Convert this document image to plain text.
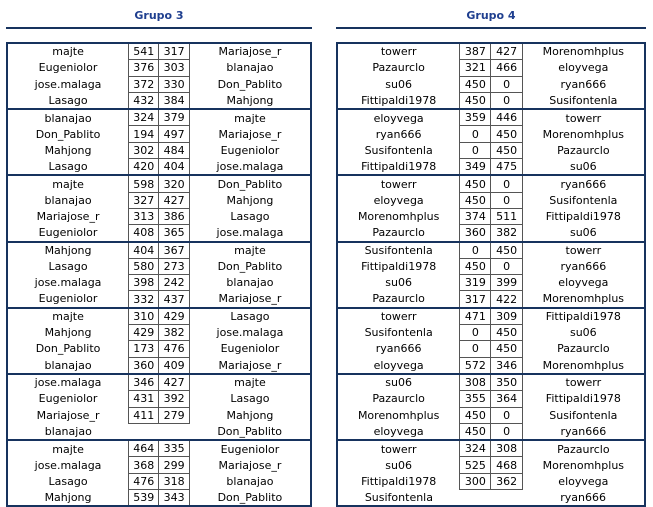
Grupo 3
majte	541	317	Mariajose_r
Eugeniolor	376	303	blanajao
jose.malaga	372	330	Don_Pablito
Lasago	432	384	Mahjong
blanajao	324	379	majte
Don_Pablito	194	497	Mariajose_r
Mahjong	302	484	Eugeniolor
Lasago	420	404	jose.malaga
majte	598	320	Don_Pablito
blanajao	327	427	Mahjong
Mariajose_r	313	386	Lasago
Eugeniolor	408	365	jose.malaga
Mahjong	404	367	majte
Lasago	580	273	Don_Pablito
jose.malaga	398	242	blanajao
Eugeniolor	332	437	Mariajose_r
majte	310	429	Lasago
Mahjong	429	382	jose.malaga
Don_Pablito	173	476	Eugeniolor
blanajao	360	409	Mariajose_r
jose.malaga	346	427	majte
Eugeniolor	431	392	Lasago
Mariajose_r	411	279	Mahjong
blanajao			Don_Pablito
majte	464	335	Eugeniolor
jose.malaga	368	299	Mariajose_r
Lasago	476	318	blanajao
Mahjong	539	343	Don_Pablito
Grupo 4
towerr	387	427	Morenomhplus
Pazaurclo	321	466	eloyvega
su06	450	0	ryan666
Fittipaldi1978	450	0	Susifontenla
eloyvega	359	446	towerr
ryan666	0	450	Morenomhplus
Susifontenla	0	450	Pazaurclo
Fittipaldi1978	349	475	su06
towerr	450	0	ryan666
eloyvega	450	0	Susifontenla
Morenomhplus	374	511	Fittipaldi1978
Pazaurclo	360	382	su06
Susifontenla	0	450	towerr
Fittipaldi1978	450	0	ryan666
su06	319	399	eloyvega
Pazaurclo	317	422	Morenomhplus
towerr	471	309	Fittipaldi1978
Susifontenla	0	450	su06
ryan666	0	450	Pazaurclo
eloyvega	572	346	Morenomhplus
su06	308	350	towerr
Pazaurclo	355	364	Fittipaldi1978
Morenomhplus	450	0	Susifontenla
eloyvega	450	0	ryan666
towerr	324	308	Pazaurclo
su06	525	468	Morenomhplus
Fittipaldi1978	300	362	eloyvega
Susifontenla			ryan666
